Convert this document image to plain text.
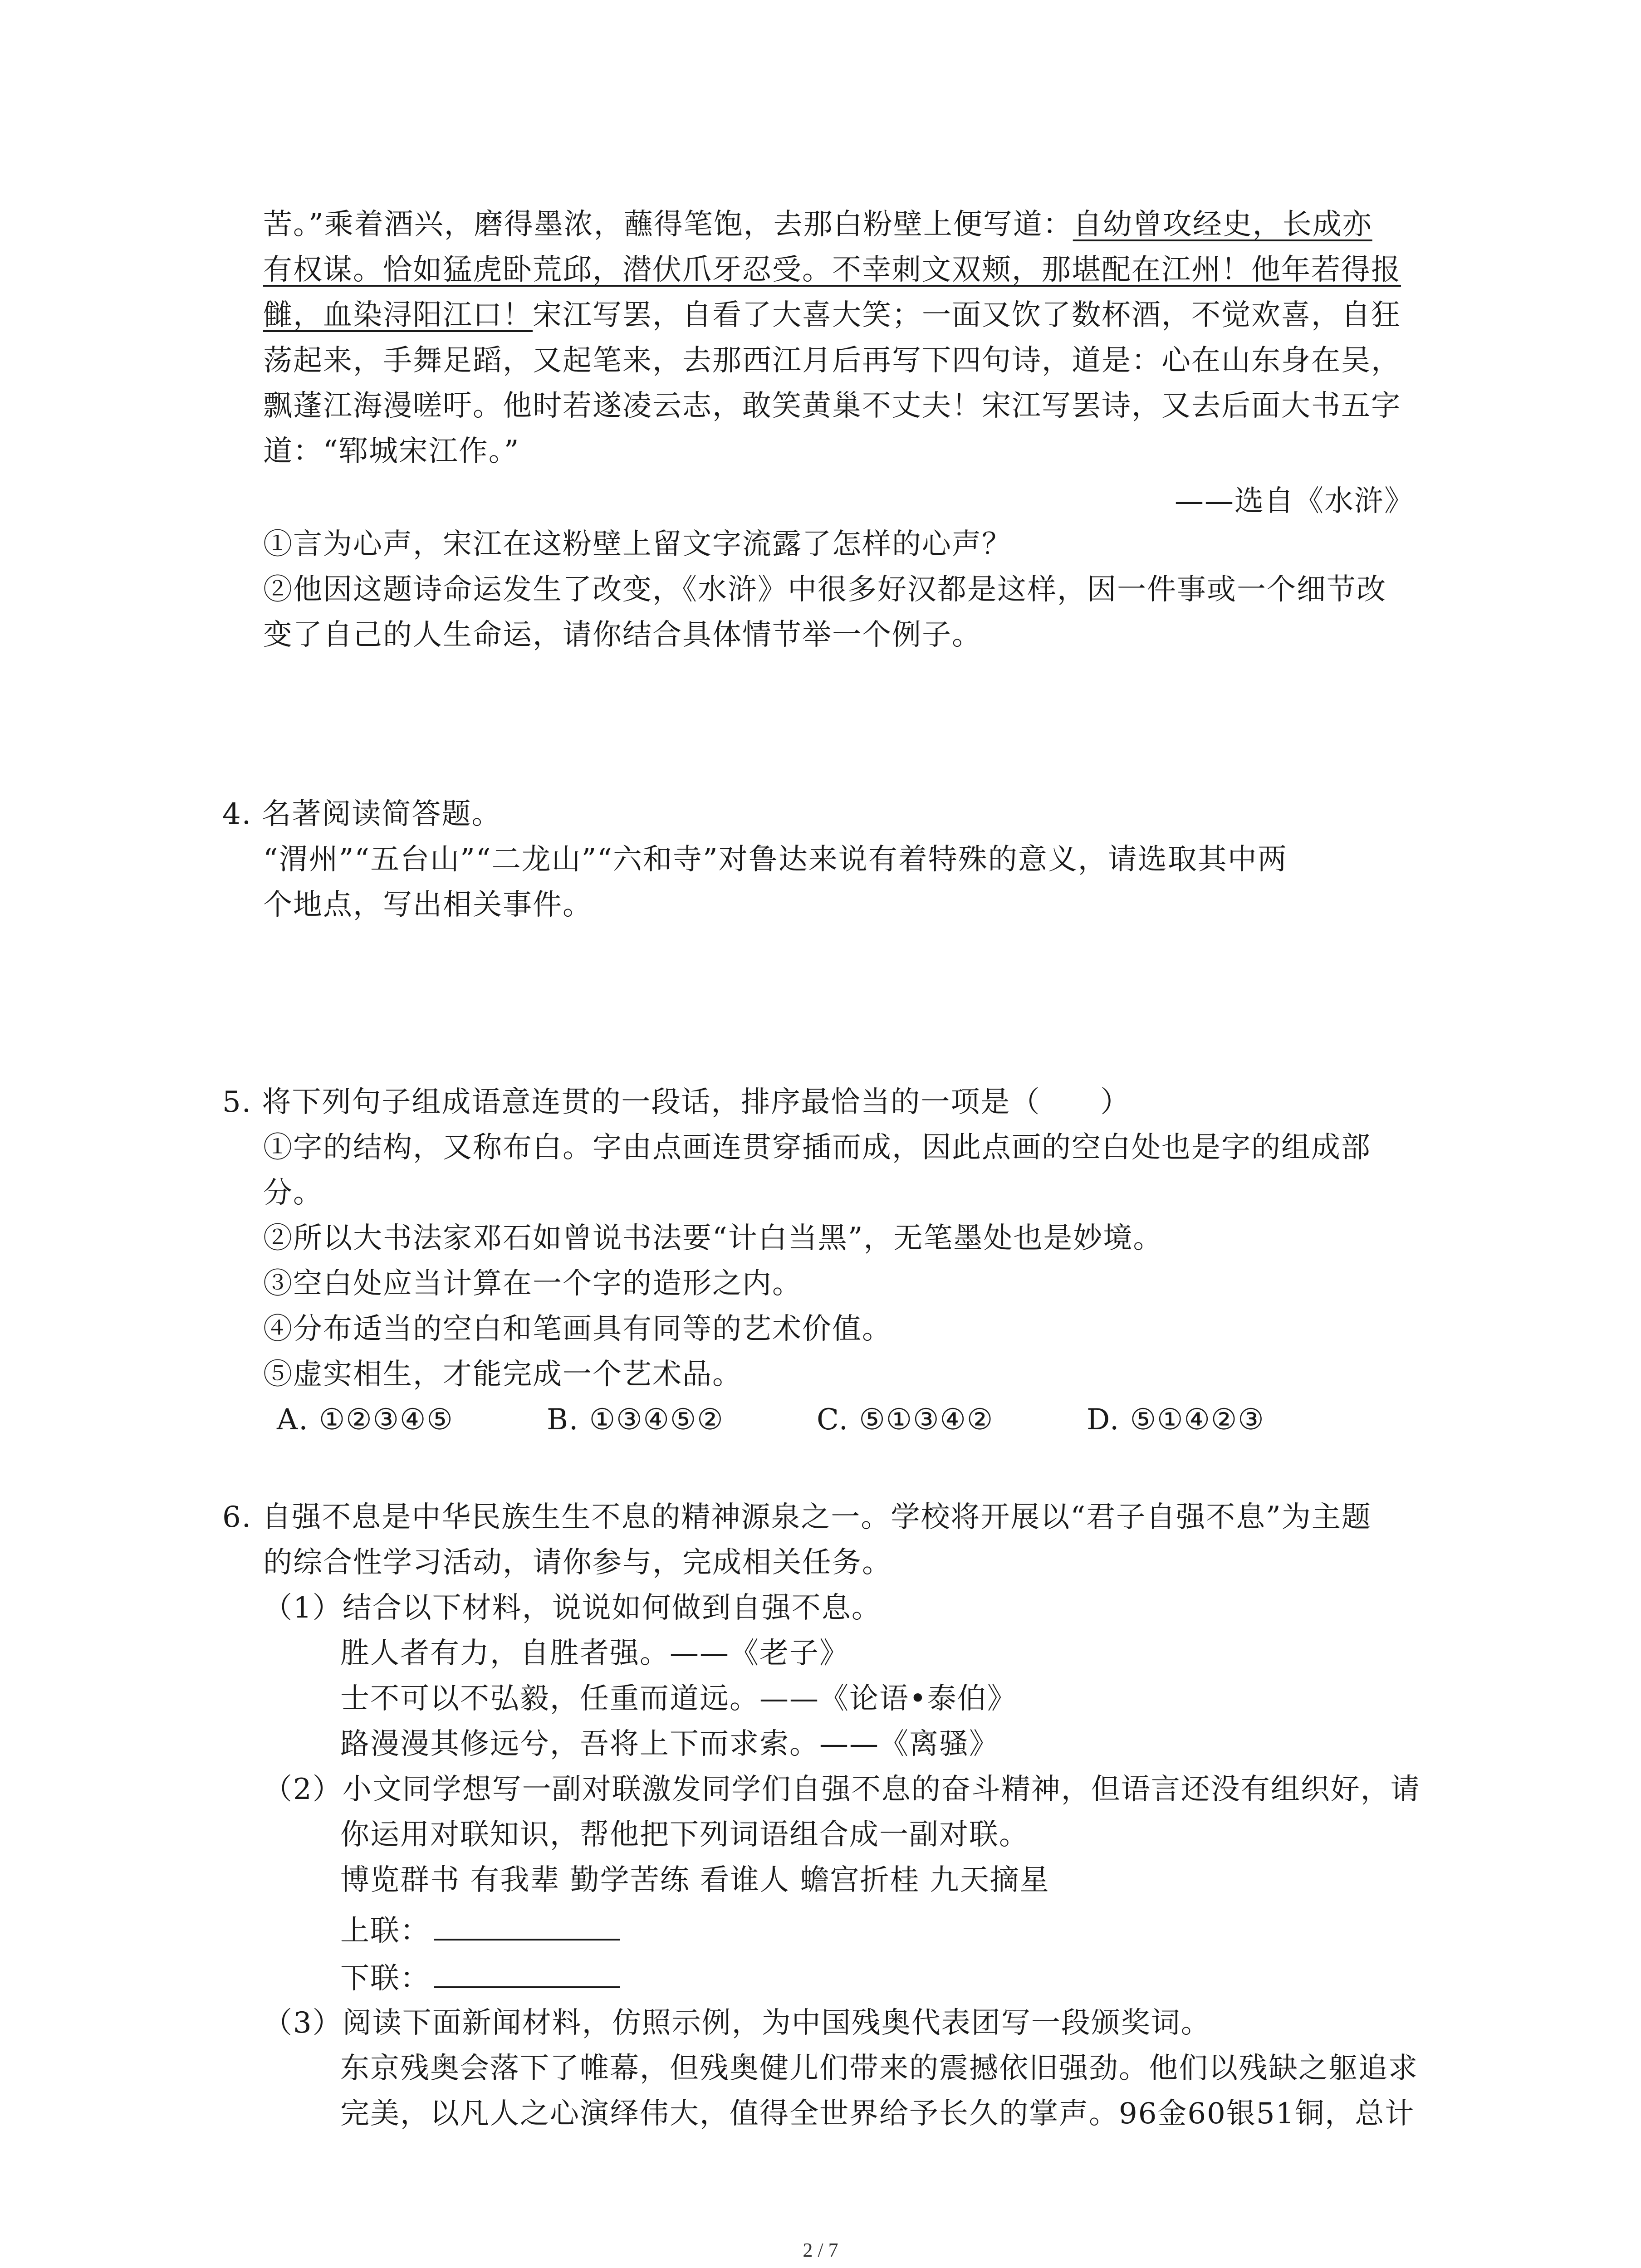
苦。”乘着酒兴，磨得墨浓，蘸得笔饱，去那白粉壁上便写道：自幼曾攻经史，长成亦
有权谋。恰如猛虎卧荒邱，潜伏爪牙忍受。不幸刺文双颊，那堪配在江州！他年若得报
雠，血染浔阳江口！宋江写罢，自看了大喜大笑；一面又饮了数杯酒，不觉欢喜，自狂
荡起来，手舞足蹈，又起笔来，去那西江月后再写下四句诗，道是：心在山东身在吴，
飘蓬江海漫嗟吁。他时若遂凌云志，敢笑黄巢不丈夫！宋江写罢诗，又去后面大书五字
道：“郓城宋江作。”
——选自《水浒》
①言为心声，宋江在这粉壁上留文字流露了怎样的心声？
②他因这题诗命运发生了改变，《水浒》中很多好汉都是这样，因一件事或一个细节改
变了自己的人生命运，请你结合具体情节举一个例子。
4. 名著阅读简答题。
“渭州”“五台山”“二龙山”“六和寺”对鲁达来说有着特殊的意义，请选取其中两
个地点，写出相关事件。
5. 将下列句子组成语意连贯的一段话，排序最恰当的一项是（　　）
①字的结构，又称布白。字由点画连贯穿插而成，因此点画的空白处也是字的组成部
分。
②所以大书法家邓石如曾说书法要“计白当黑”，无笔墨处也是妙境。
③空白处应当计算在一个字的造形之内。
④分布适当的空白和笔画具有同等的艺术价值。
⑤虚实相生，才能完成一个艺术品。
A. ①②③④⑤	B. ①③④⑤②	C. ⑤①③④②	D. ⑤①④②③
6. 自强不息是中华民族生生不息的精神源泉之一。学校将开展以“君子自强不息”为主题
的综合性学习活动，请你参与，完成相关任务。
（1）结合以下材料，说说如何做到自强不息。
胜人者有力，自胜者强。——《老子》
士不可以不弘毅，任重而道远。——《论语•泰伯》
路漫漫其修远兮，吾将上下而求索。——《离骚》
（2）小文同学想写一副对联激发同学们自强不息的奋斗精神，但语言还没有组织好，请
你运用对联知识，帮他把下列词语组合成一副对联。
博览群书 有我辈 勤学苦练 看谁人 蟾宫折桂 九天摘星
上联：
下联：
（3）阅读下面新闻材料，仿照示例，为中国残奥代表团写一段颁奖词。
东京残奥会落下了帷幕，但残奥健儿们带来的震撼依旧强劲。他们以残缺之躯追求
完美，以凡人之心演绎伟大，值得全世界给予长久的掌声。96金60银51铜，总计
2 / 7
